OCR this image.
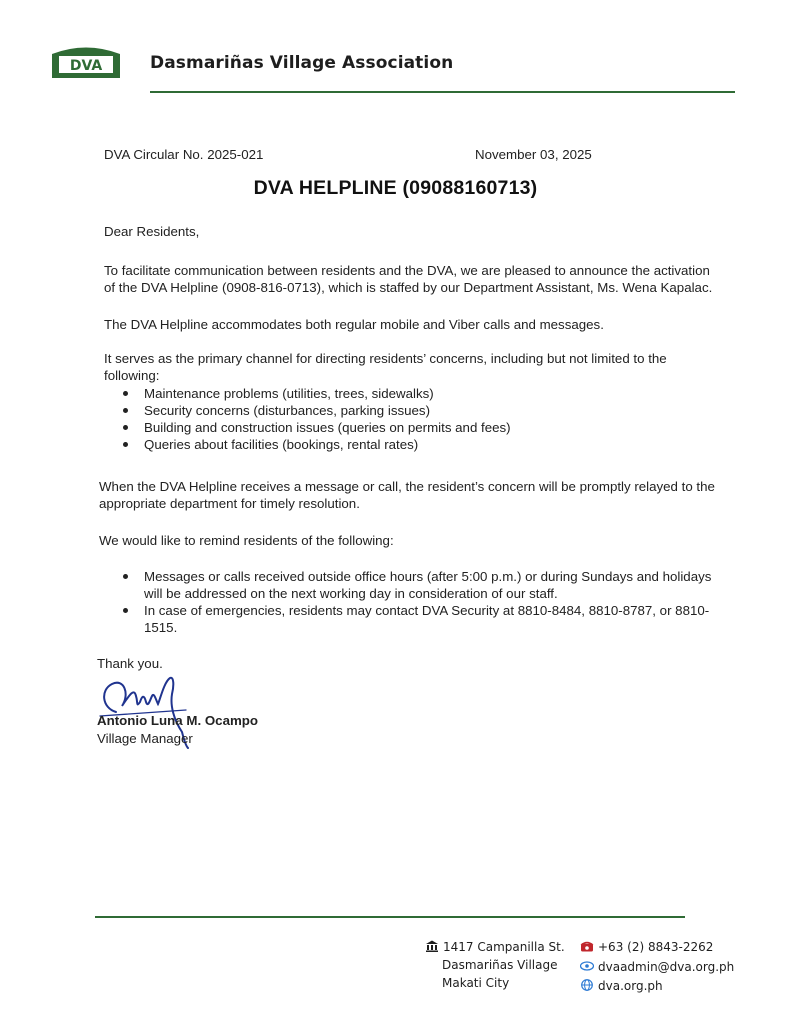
DVA	Dasmariñas Village Association
DVA Circular No. 2025-021	November 03, 2025
DVA HELPLINE (09088160713)
Dear Residents,
To facilitate communication between residents and the DVA, we are pleased to announce the activation of the DVA Helpline (0908-816-0713), which is staffed by our Department Assistant, Ms. Wena Kapalac.
The DVA Helpline accommodates both regular mobile and Viber calls and messages.
It serves as the primary channel for directing residents’ concerns, including but not limited to the following:
Maintenance problems (utilities, trees, sidewalks)
Security concerns (disturbances, parking issues)
Building and construction issues (queries on permits and fees)
Queries about facilities (bookings, rental rates)
When the DVA Helpline receives a message or call, the resident’s concern will be promptly relayed to the appropriate department for timely resolution.
We would like to remind residents of the following:
Messages or calls received outside office hours (after 5:00 p.m.) or during Sundays and holidays will be addressed on the next working day in consideration of our staff.
In case of emergencies, residents may contact DVA Security at 8810-8484, 8810-8787, or 8810-1515.
Thank you.
Antonio Luna M. Ocampo
Village Manager
1417 Campanilla St.
Dasmariñas Village
Makati City
+63 (2) 8843-2262
dvaadmin@dva.org.ph
dva.org.ph
